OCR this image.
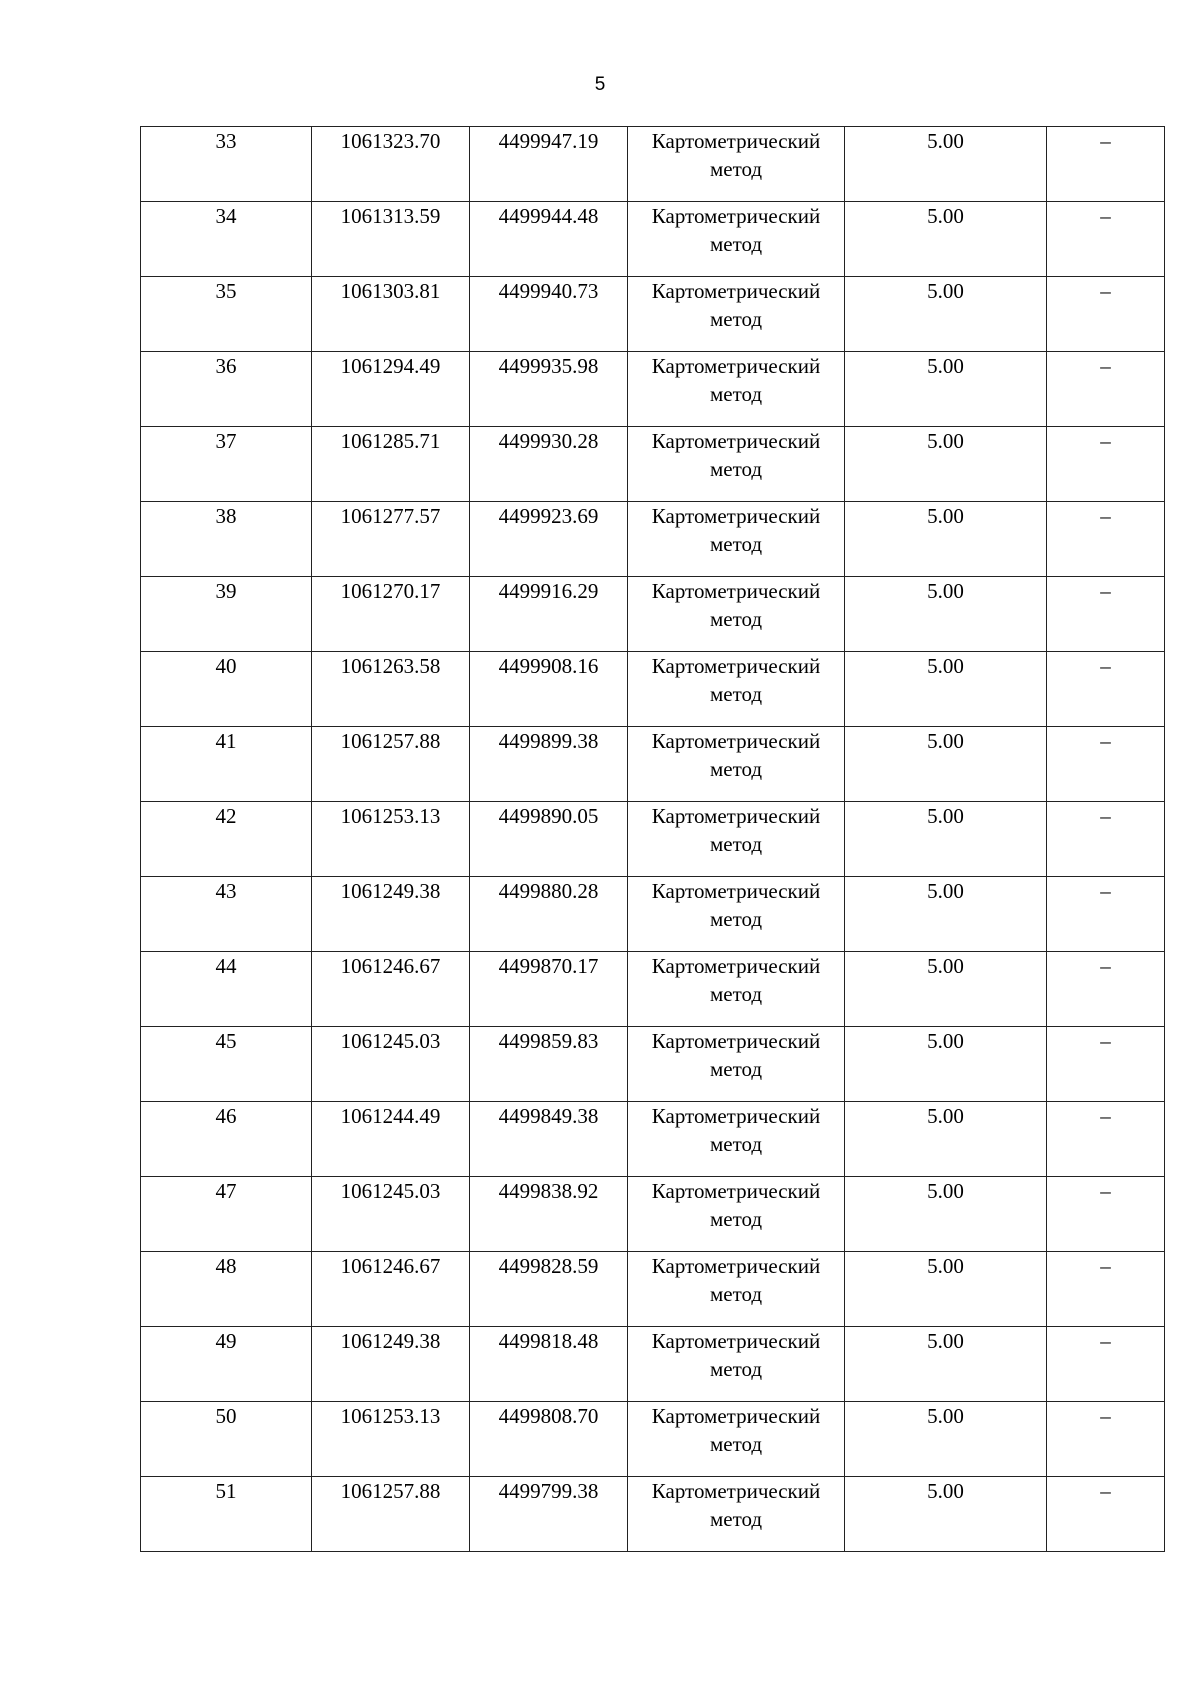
5
33	1061323.70	4499947.19	Картометрический метод	5.00	–
34	1061313.59	4499944.48	Картометрический метод	5.00	–
35	1061303.81	4499940.73	Картометрический метод	5.00	–
36	1061294.49	4499935.98	Картометрический метод	5.00	–
37	1061285.71	4499930.28	Картометрический метод	5.00	–
38	1061277.57	4499923.69	Картометрический метод	5.00	–
39	1061270.17	4499916.29	Картометрический метод	5.00	–
40	1061263.58	4499908.16	Картометрический метод	5.00	–
41	1061257.88	4499899.38	Картометрический метод	5.00	–
42	1061253.13	4499890.05	Картометрический метод	5.00	–
43	1061249.38	4499880.28	Картометрический метод	5.00	–
44	1061246.67	4499870.17	Картометрический метод	5.00	–
45	1061245.03	4499859.83	Картометрический метод	5.00	–
46	1061244.49	4499849.38	Картометрический метод	5.00	–
47	1061245.03	4499838.92	Картометрический метод	5.00	–
48	1061246.67	4499828.59	Картометрический метод	5.00	–
49	1061249.38	4499818.48	Картометрический метод	5.00	–
50	1061253.13	4499808.70	Картометрический метод	5.00	–
51	1061257.88	4499799.38	Картометрический метод	5.00	–
